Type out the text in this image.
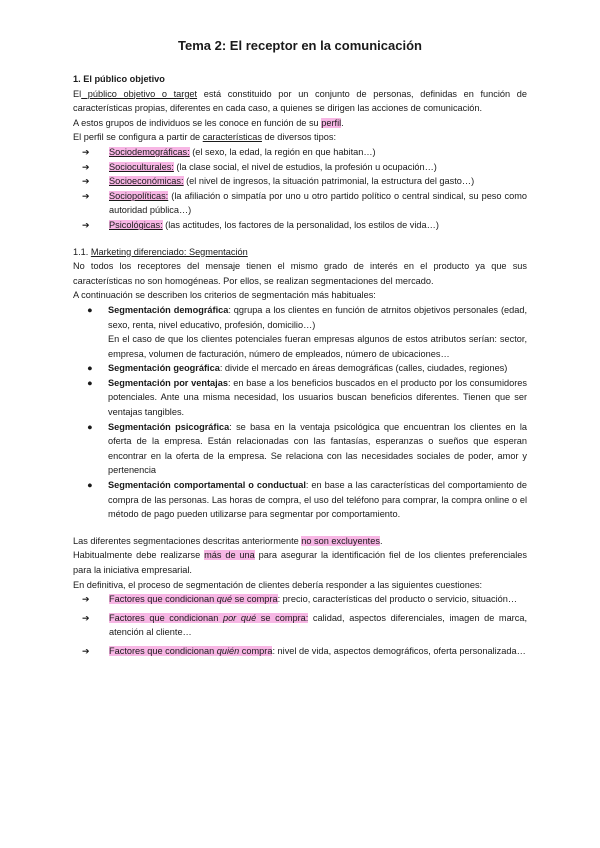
Tema 2: El receptor en la comunicación

1. El público objetivo

El público objetivo o target está constituido por un conjunto de personas, definidas en función de características propias, diferentes en cada caso, a quienes se dirigen las acciones de comunicación.

A estos grupos de individuos se les conoce en función de su perfil.

El perfil se configura a partir de características de diversos tipos:

➔ Sociodemográficas: (el sexo, la edad, la región en que habitan…)
➔ Socioculturales: (la clase social, el nivel de estudios, la profesión u ocupación…)
➔ Socioeconómicas: (el nivel de ingresos, la situación patrimonial, la estructura del gasto…)
➔ Sociopolíticas: (la afiliación o simpatía por uno u otro partido político o central sindical, su peso como autoridad pública…)
➔ Psicológicas: (las actitudes, los factores de la personalidad, los estilos de vida…)

1.1. Marketing diferenciado: Segmentación

No todos los receptores del mensaje tienen el mismo grado de interés en el producto ya que sus características no son homogéneas. Por ellos, se realizan segmentaciones del mercado.

A continuación se describen los criterios de segmentación más habituales:

● Segmentación demográfica: qgrupa a los clientes en función de atrnitos objetivos personales (edad, sexo, renta, nivel educativo, profesión, domicilio…)
En el caso de que los clientes potenciales fueran empresas algunos de estos atributos serían: sector, empresa, volumen de facturación, número de empleados, número de ubicaciones…
● Segmentación geográfica: divide el mercado en áreas demográficas (calles, ciudades, regiones)
● Segmentación por ventajas: en base a los beneficios buscados en el producto por los consumidores potenciales. Ante una misma necesidad, los usuarios buscan beneficios diferentes. Tienen que ser ventajas tangibles.
● Segmentación psicográfica: se basa en la ventaja psicológica que encuentran los clientes en la oferta de la empresa. Están relacionadas con las fantasías, esperanzas o sueños que esperan encontrar en la oferta de la empresa. Se relaciona con las necesidades sociales de poder, amor y pertenencia
● Segmentación comportamental o conductual: en base a las características del comportamiento de compra de las personas. Las horas de compra, el uso del teléfono para comprar, la compra online o el método de pago pueden utilizarse para segmentar por comportamiento.

Las diferentes segmentaciones descritas anteriormente no son excluyentes.

Habitualmente debe realizarse más de una para asegurar la identificación fiel de los clientes preferenciales para la iniciativa empresarial.

En definitiva, el proceso de segmentación de clientes debería responder a las siguientes cuestiones:

➔ Factores que condicionan qué se compra: precio, características del producto o servicio, situación…
➔ Factores que condicionan por qué se compra: calidad, aspectos diferenciales, imagen de marca, atención al cliente…
➔ Factores que condicionan quién compra: nivel de vida, aspectos demográficos, oferta personalizada…
